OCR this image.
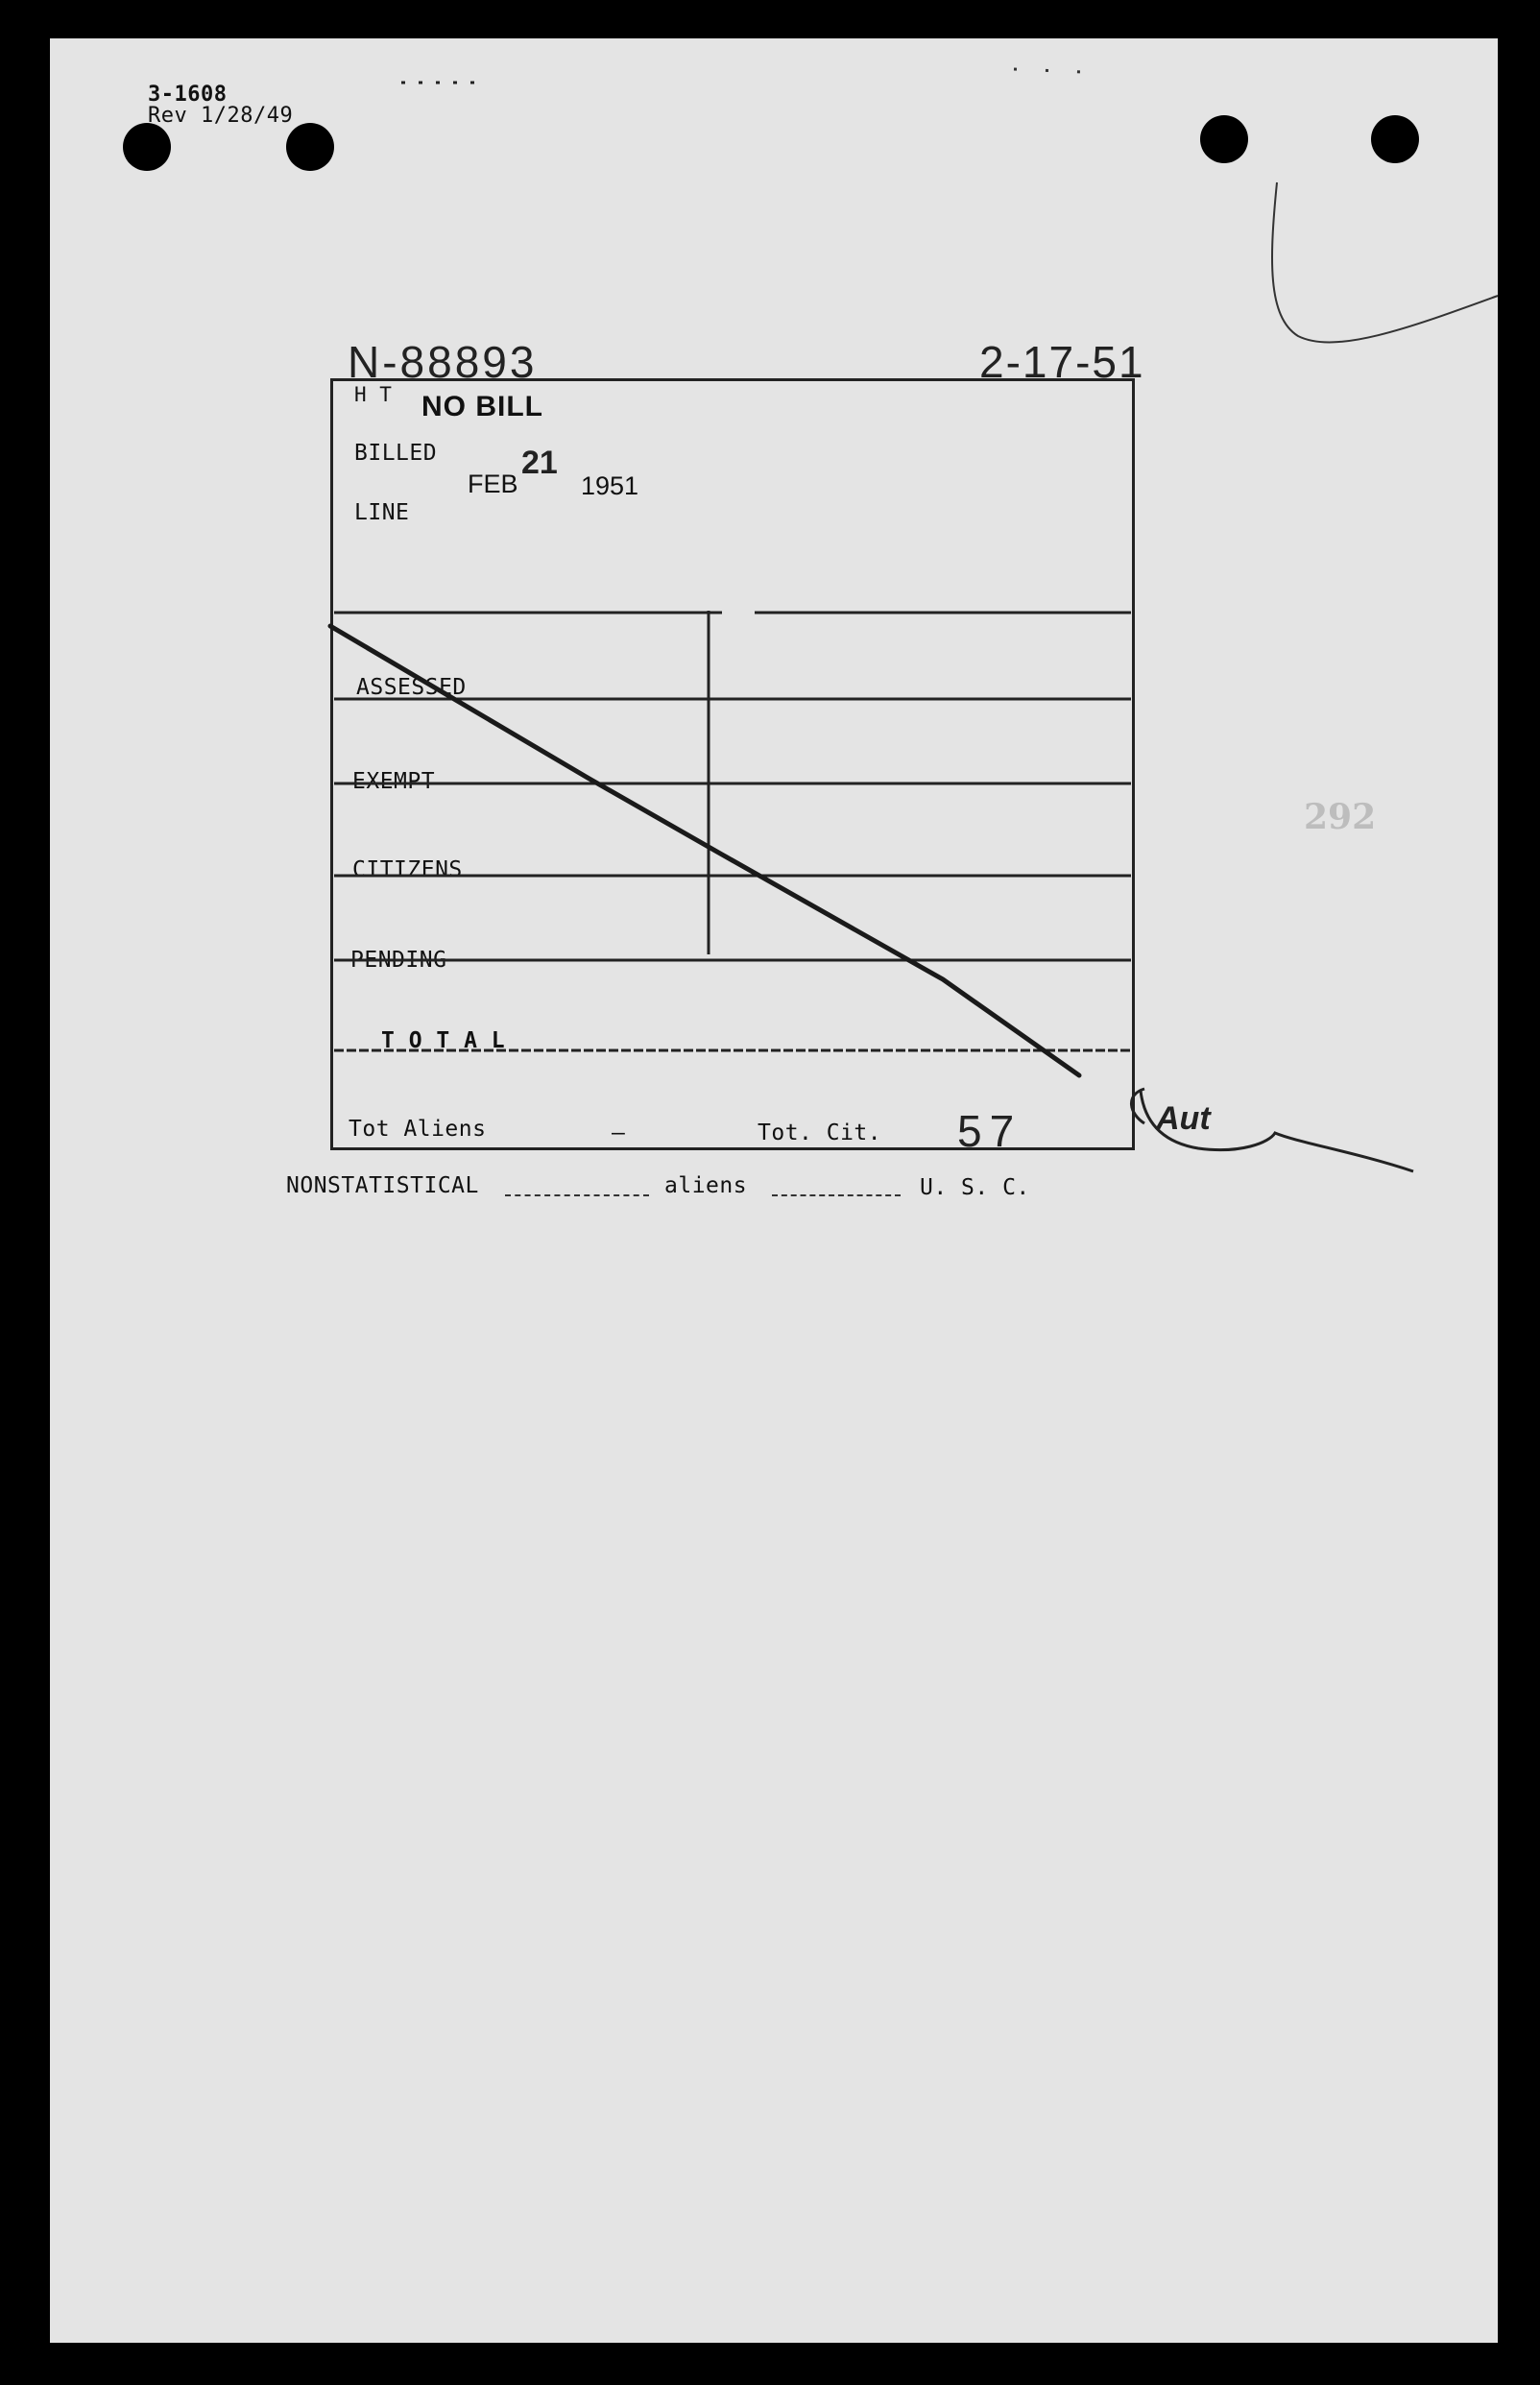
3-1608
Rev 1/28/49
N-88893	2-17-51
H T NO BILL
BILLED
FEB
21
1951
LINE
ASSESSED
EXEMPT
CITIZENS
PENDING
T O T A L
Tot Aliens	—	Tot. Cit. 57
292
NONSTATISTICAL	aliens	U. S. C.
Aut
